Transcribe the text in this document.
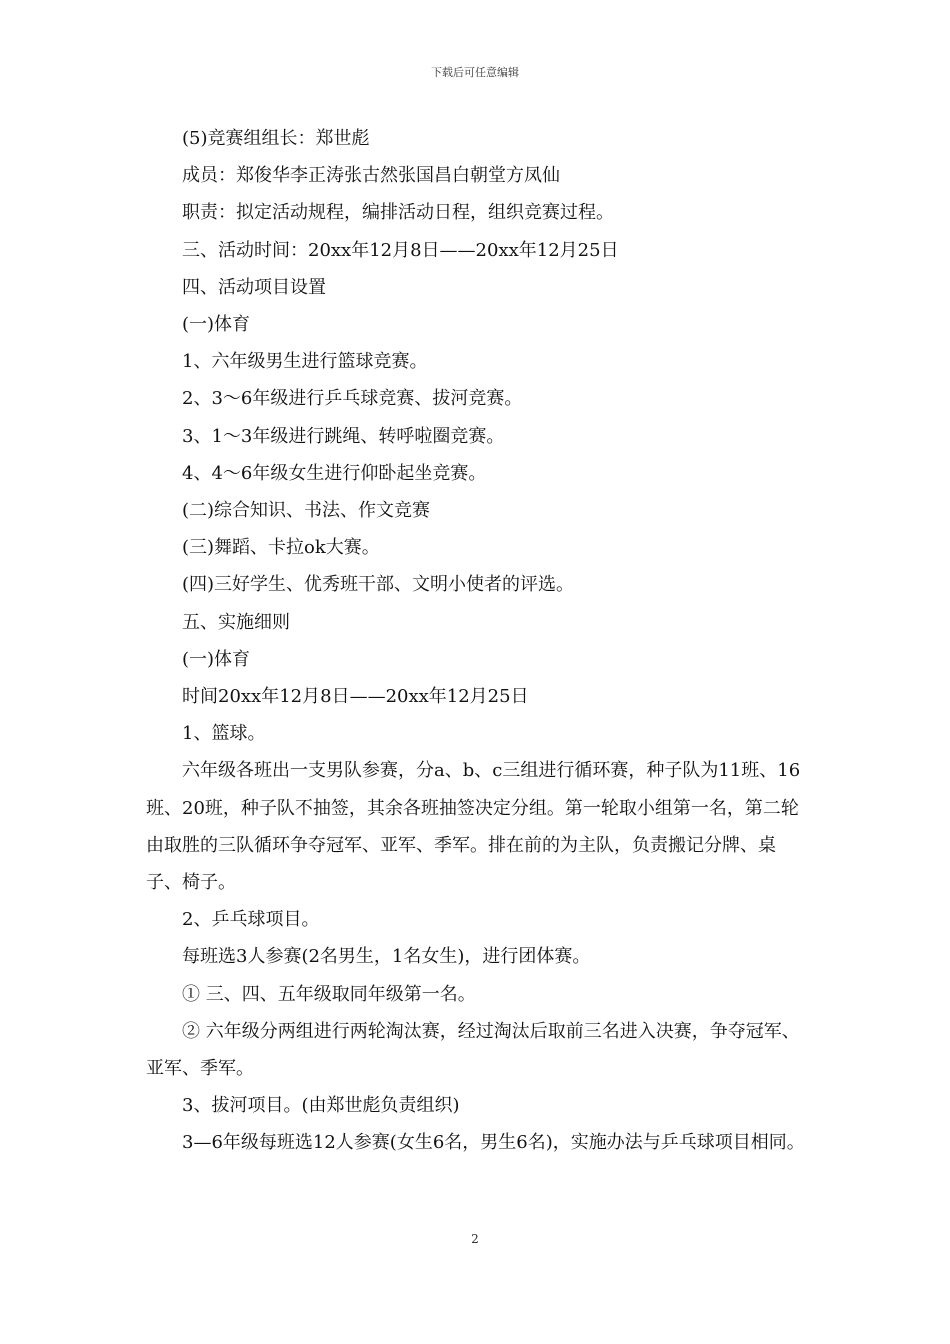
下载后可任意编辑

(5)竞赛组组长：郑世彪

成员：郑俊华李正涛张古然张国昌白朝堂方凤仙

职责：拟定活动规程，编排活动日程，组织竞赛过程。

三、活动时间：20xx年12月8日——20xx年12月25日

四、活动项目设置

(一)体育

1、六年级男生进行篮球竞赛。

2、3～6年级进行乒乓球竞赛、拔河竞赛。

3、1～3年级进行跳绳、转呼啦圈竞赛。

4、4～6年级女生进行仰卧起坐竞赛。

(二)综合知识、书法、作文竞赛

(三)舞蹈、卡拉ok大赛。

(四)三好学生、优秀班干部、文明小使者的评选。

五、实施细则

(一)体育

时间20xx年12月8日——20xx年12月25日

1、篮球。

六年级各班出一支男队参赛，分a、b、c三组进行循环赛，种子队为11班、16班、20班，种子队不抽签，其余各班抽签决定分组。第一轮取小组第一名，第二轮由取胜的三队循环争夺冠军、亚军、季军。排在前的为主队，负责搬记分牌、桌子、椅子。

2、乒乓球项目。

每班选3人参赛(2名男生，1名女生)，进行团体赛。

① 三、四、五年级取同年级第一名。

② 六年级分两组进行两轮淘汰赛，经过淘汰后取前三名进入决赛，争夺冠军、亚军、季军。

3、拔河项目。(由郑世彪负责组织)

3—6年级每班选12人参赛(女生6名，男生6名)，实施办法与乒乓球项目相同。

2
